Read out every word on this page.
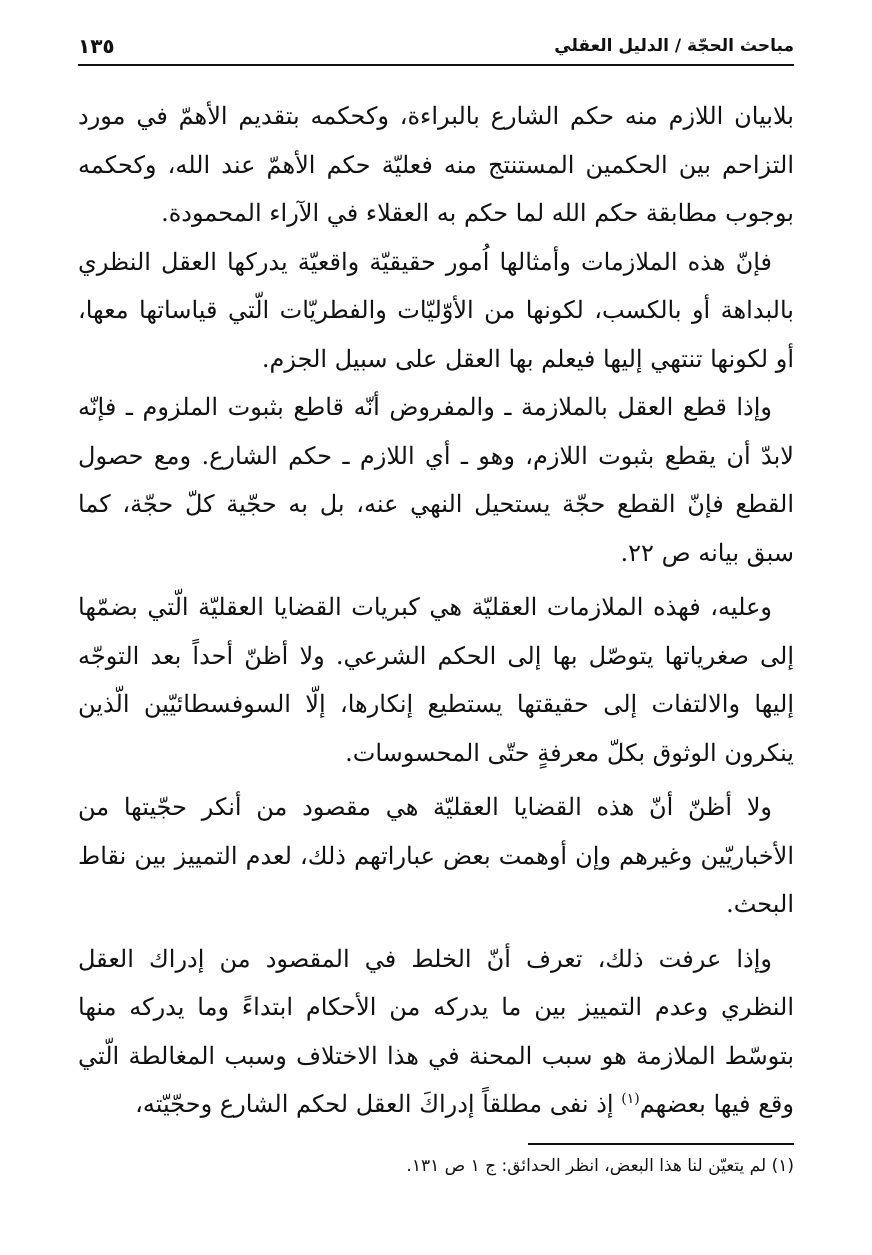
مباحث الحجّة / الدليل العقلي
١٣٥

بلابيان اللازم منه حكم الشارع بالبراءة، وكحكمه بتقديم الأهمّ في مورد التزاحم بين الحكمين المستنتج منه فعليّة حكم الأهمّ عند الله، وكحكمه بوجوب مطابقة حكم الله لما حكم به العقلاء في الآراء المحمودة.

فإنّ هذه الملازمات وأمثالها اُمور حقيقيّة واقعيّة يدركها العقل النظري بالبداهة أو بالكسب، لكونها من الأوّليّات والفطريّات الّتي قياساتها معها، أو لكونها تنتهي إليها فيعلم بها العقل على سبيل الجزم.

وإذا قطع العقل بالملازمة ـ والمفروض أنّه قاطع بثبوت الملزوم ـ فإنّه لابدّ أن يقطع بثبوت اللازم، وهو ـ أي اللازم ـ حكم الشارع. ومع حصول القطع فإنّ القطع حجّة يستحيل النهي عنه، بل به حجّية كلّ حجّة، كما سبق بيانه ص ٢٢.

وعليه، فهذه الملازمات العقليّة هي كبريات القضايا العقليّة الّتي بضمّها إلى صغرياتها يتوصّل بها إلى الحكم الشرعي. ولا أظنّ أحداً بعد التوجّه إليها والالتفات إلى حقيقتها يستطيع إنكارها، إلّا السوفسطائيّين الّذين ينكرون الوثوق بكلّ معرفةٍ حتّى المحسوسات.

ولا أظنّ أنّ هذه القضايا العقليّة هي مقصود من أنكر حجّيتها من الأخباريّين وغيرهم وإن أوهمت بعض عباراتهم ذلك، لعدم التمييز بين نقاط البحث.

وإذا عرفت ذلك، تعرف أنّ الخلط في المقصود من إدراك العقل النظري وعدم التمييز بين ما يدركه من الأحكام ابتداءً وما يدركه منها بتوسّط الملازمة هو سبب المحنة في هذا الاختلاف وسبب المغالطة الّتي وقع فيها بعضهم$^{(١)}$ إذ نفى مطلقاً إدراكَ العقل لحكم الشارع وحجّيّته،

(١) لم يتعيّن لنا هذا البعض، انظر الحدائق: ج ١ ص ١٣١.
